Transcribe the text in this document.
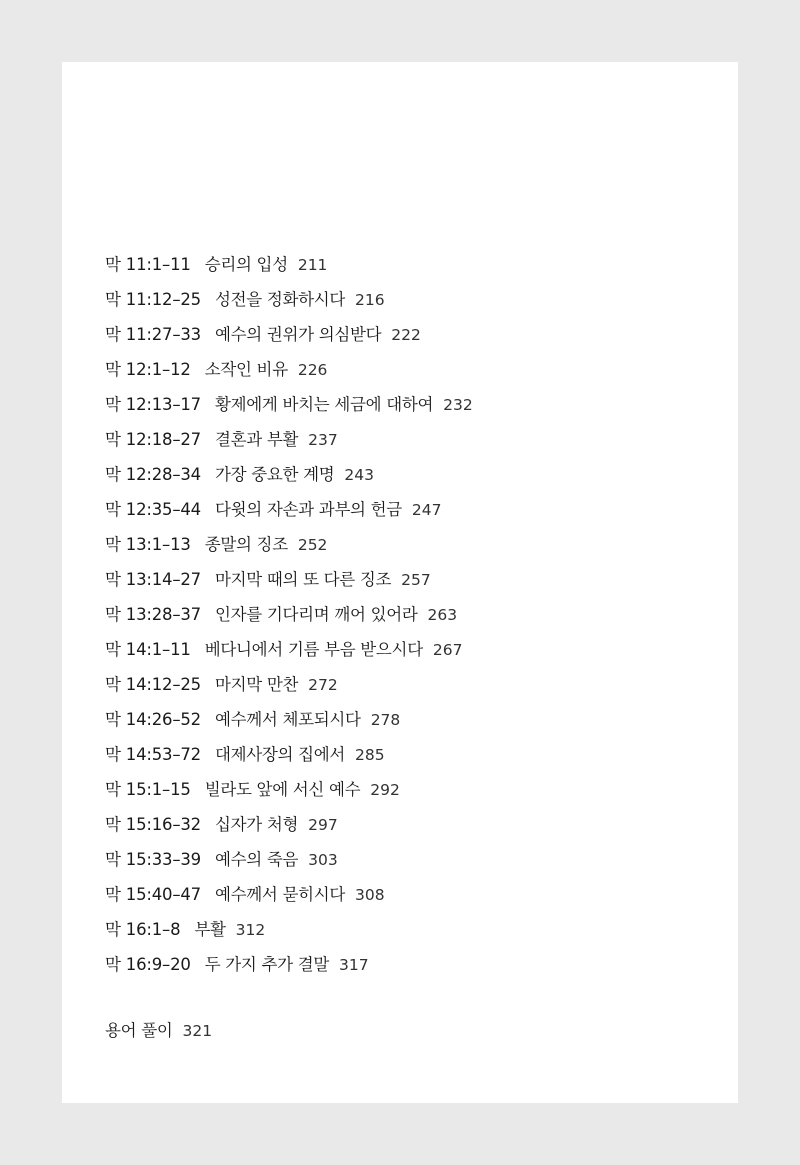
막 11:1–11 승리의 입성 211
막 11:12–25 성전을 정화하시다 216
막 11:27–33 예수의 권위가 의심받다 222
막 12:1–12 소작인 비유 226
막 12:13–17 황제에게 바치는 세금에 대하여 232
막 12:18–27 결혼과 부활 237
막 12:28–34 가장 중요한 계명 243
막 12:35–44 다윗의 자손과 과부의 헌금 247
막 13:1–13 종말의 징조 252
막 13:14–27 마지막 때의 또 다른 징조 257
막 13:28–37 인자를 기다리며 깨어 있어라 263
막 14:1–11 베다니에서 기름 부음 받으시다 267
막 14:12–25 마지막 만찬 272
막 14:26–52 예수께서 체포되시다 278
막 14:53–72 대제사장의 집에서 285
막 15:1–15 빌라도 앞에 서신 예수 292
막 15:16–32 십자가 처형 297
막 15:33–39 예수의 죽음 303
막 15:40–47 예수께서 묻히시다 308
막 16:1–8 부활 312
막 16:9–20 두 가지 추가 결말 317
용어 풀이 321
